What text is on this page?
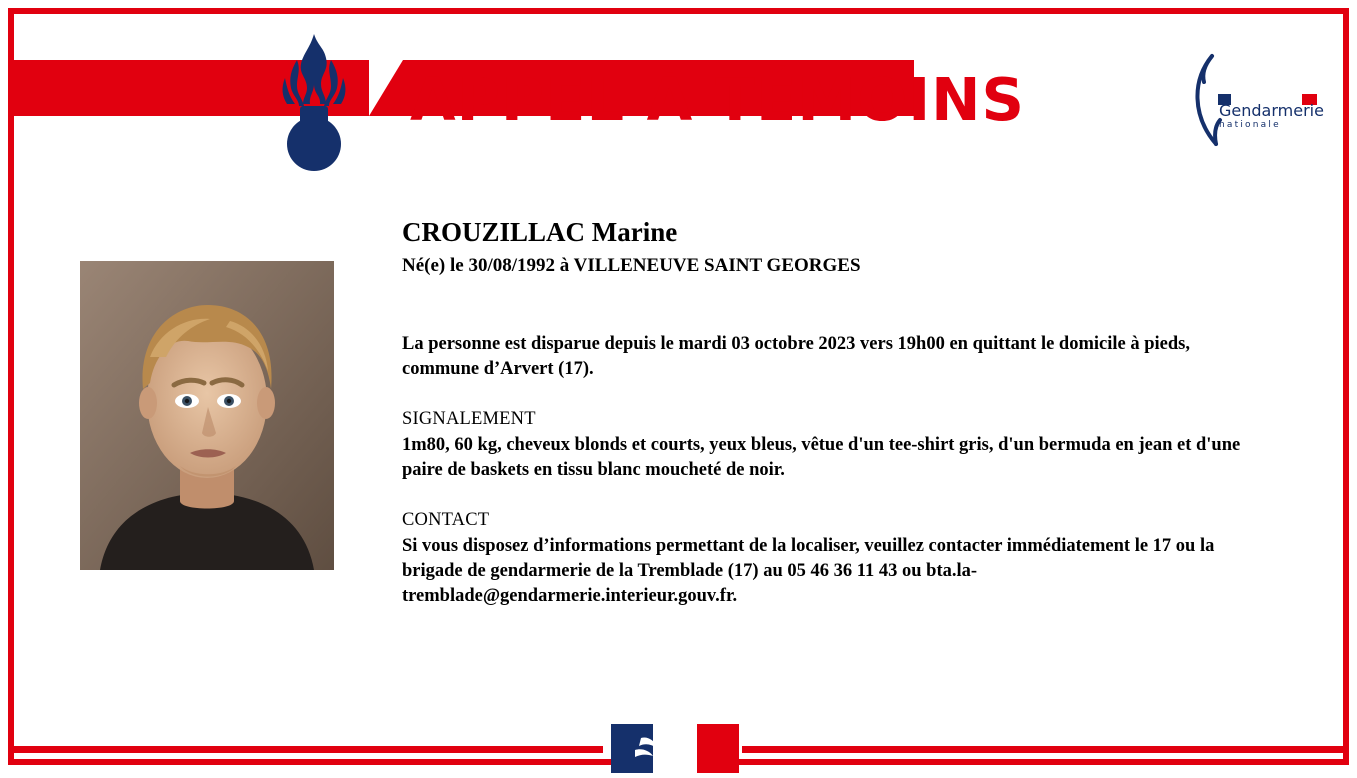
APPEL À TÉMOINS	Gendarmerie
nationale
CROUZILLAC Marine

Né(e) le 30/08/1992 à VILLENEUVE SAINT GEORGES

La personne est disparue depuis le mardi 03 octobre 2023 vers 19h00 en quittant le domicile à pieds, commune d’Arvert (17).

SIGNALEMENT

1m80, 60 kg, cheveux blonds et courts, yeux bleus, vêtue d'un tee-shirt gris, d'un bermuda en jean et d'une paire de baskets en tissu blanc moucheté de noir.

CONTACT

Si vous disposez d’informations permettant de la localiser, veuillez contacter immédiatement le 17 ou la brigade de gendarmerie de la Tremblade (17) au 05 46 36 11 43 ou bta.la-tremblade@gendarmerie.interieur.gouv.fr.
